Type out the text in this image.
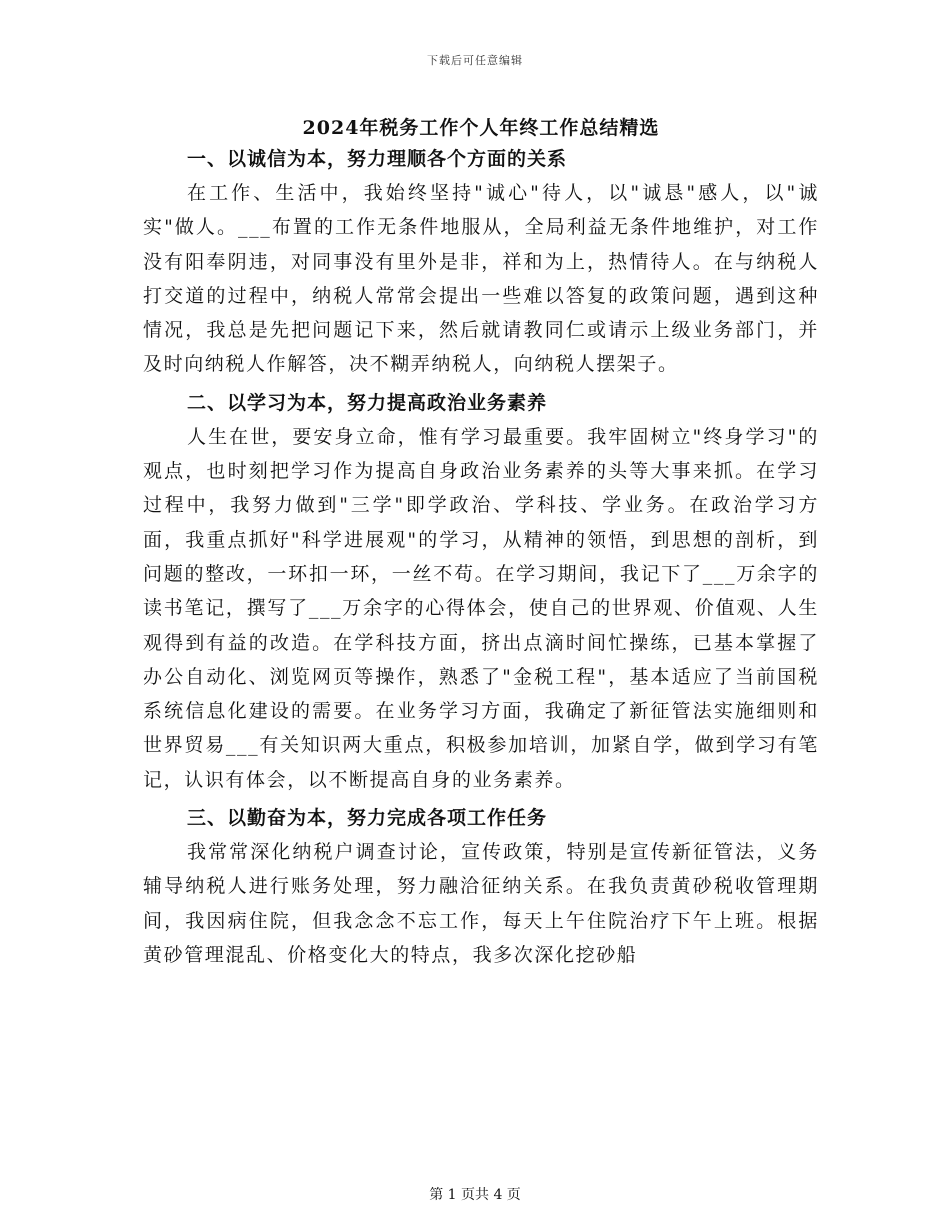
下载后可任意编辑
2024年税务工作个人年终工作总结精选
一、以诚信为本，努力理顺各个方面的关系

在工作、生活中，我始终坚持"诚心"待人，以"诚恳"感人，以"诚实"做人。___布置的工作无条件地服从，全局利益无条件地维护，对工作没有阳奉阴违，对同事没有里外是非，祥和为上，热情待人。在与纳税人打交道的过程中，纳税人常常会提出一些难以答复的政策问题，遇到这种情况，我总是先把问题记下来，然后就请教同仁或请示上级业务部门，并及时向纳税人作解答，决不糊弄纳税人，向纳税人摆架子。

二、以学习为本，努力提高政治业务素养

人生在世，要安身立命，惟有学习最重要。我牢固树立"终身学习"的观点，也时刻把学习作为提高自身政治业务素养的头等大事来抓。在学习过程中，我努力做到"三学"即学政治、学科技、学业务。在政治学习方面，我重点抓好"科学进展观"的学习，从精神的领悟，到思想的剖析，到问题的整改，一环扣一环，一丝不苟。在学习期间，我记下了___万余字的读书笔记，撰写了___万余字的心得体会，使自己的世界观、价值观、人生观得到有益的改造。在学科技方面，挤出点滴时间忙操练，已基本掌握了办公自动化、浏览网页等操作，熟悉了"金税工程"，基本适应了当前国税系统信息化建设的需要。在业务学习方面，我确定了新征管法实施细则和世界贸易___有关知识两大重点，积极参加培训，加紧自学，做到学习有笔记，认识有体会，以不断提高自身的业务素养。

三、以勤奋为本，努力完成各项工作任务

我常常深化纳税户调查讨论，宣传政策，特别是宣传新征管法，义务辅导纳税人进行账务处理，努力融洽征纳关系。在我负责黄砂税收管理期间，我因病住院，但我念念不忘工作，每天上午住院治疗下午上班。根据黄砂管理混乱、价格变化大的特点，我多次深化挖砂船

第 1 页共 4 页
